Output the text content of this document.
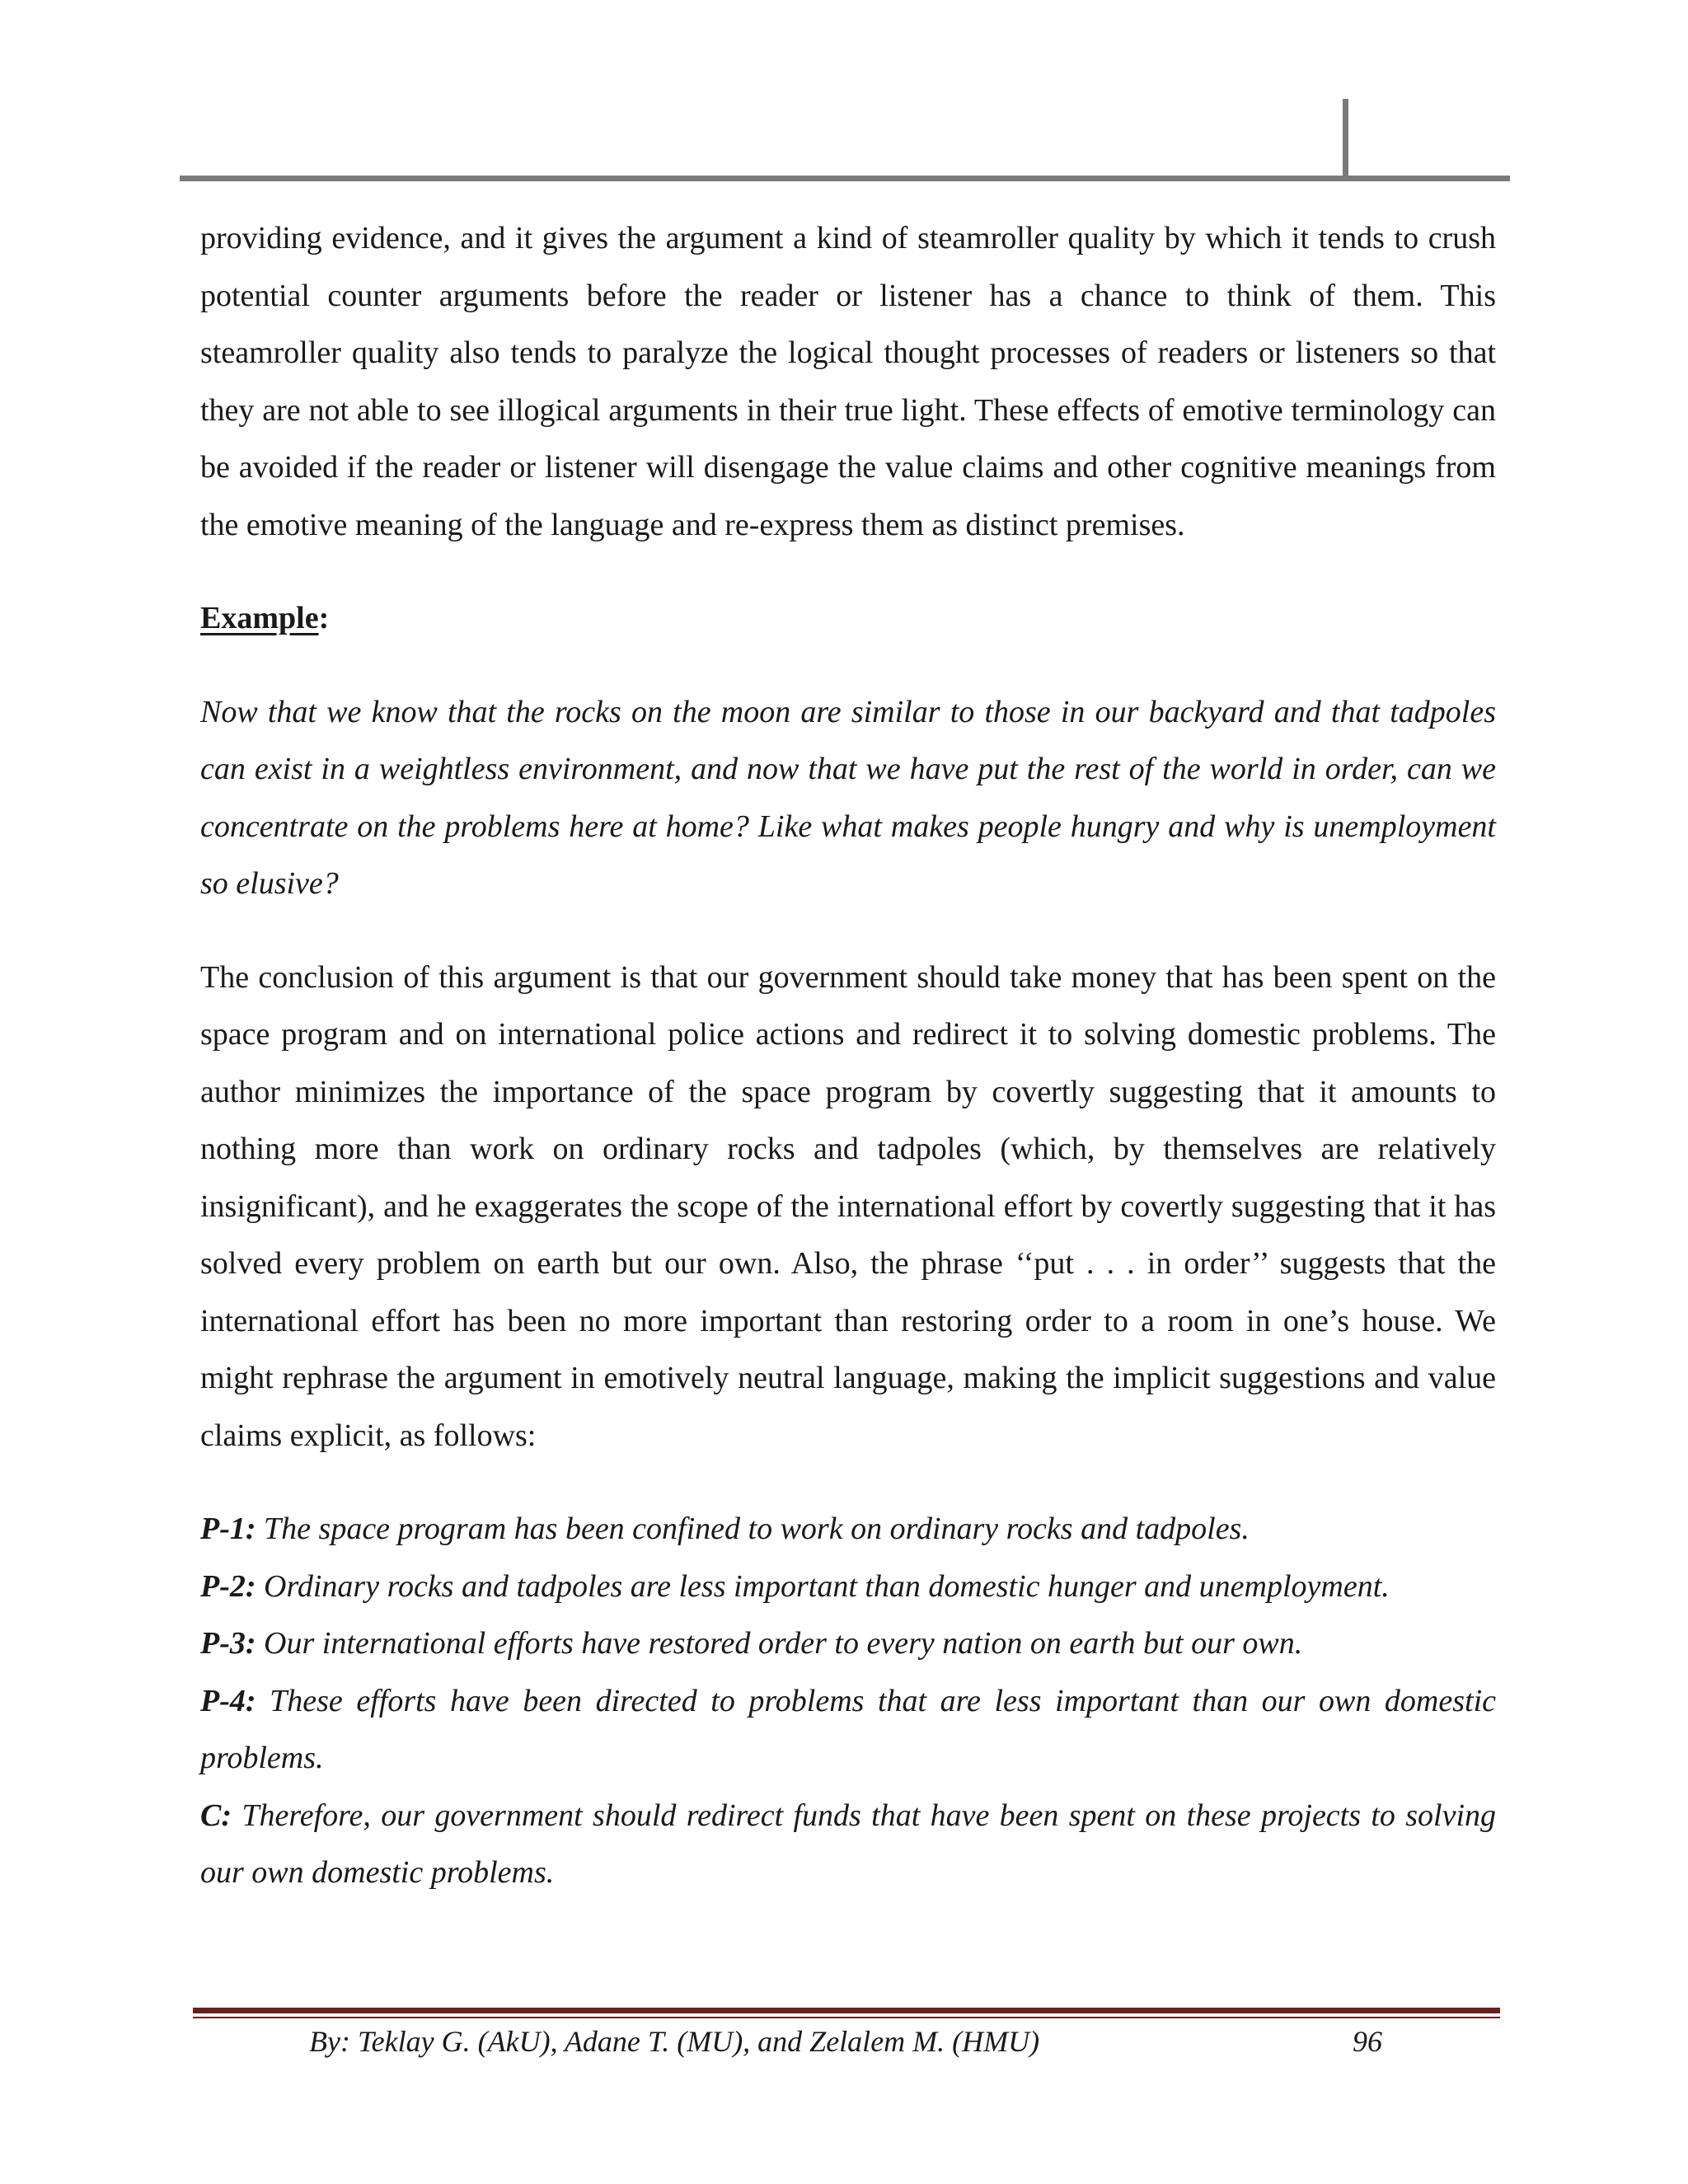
providing evidence, and it gives the argument a kind of steamroller quality by which it tends to crush potential counter arguments before the reader or listener has a chance to think of them. This steamroller quality also tends to paralyze the logical thought processes of readers or listeners so that they are not able to see illogical arguments in their true light. These effects of emotive terminology can be avoided if the reader or listener will disengage the value claims and other cognitive meanings from the emotive meaning of the language and re-express them as distinct premises.

Example:

Now that we know that the rocks on the moon are similar to those in our backyard and that tadpoles can exist in a weightless environment, and now that we have put the rest of the world in order, can we concentrate on the problems here at home? Like what makes people hungry and why is unemployment so elusive?

The conclusion of this argument is that our government should take money that has been spent on the space program and on international police actions and redirect it to solving domestic problems. The author minimizes the importance of the space program by covertly suggesting that it amounts to nothing more than work on ordinary rocks and tadpoles (which, by themselves are relatively insignificant), and he exaggerates the scope of the international effort by covertly suggesting that it has solved every problem on earth but our own. Also, the phrase ‘‘put . . . in order’’ suggests that the international effort has been no more important than restoring order to a room in one’s house. We might rephrase the argument in emotively neutral language, making the implicit suggestions and value claims explicit, as follows:

P-1: The space program has been confined to work on ordinary rocks and tadpoles.

P-2: Ordinary rocks and tadpoles are less important than domestic hunger and unemployment.

P-3: Our international efforts have restored order to every nation on earth but our own.

P-4: These efforts have been directed to problems that are less important than our own domestic problems.

C: Therefore, our government should redirect funds that have been spent on these projects to solving our own domestic problems.

By: Teklay G. (AkU), Adane T. (MU), and Zelalem M. (HMU)	96
